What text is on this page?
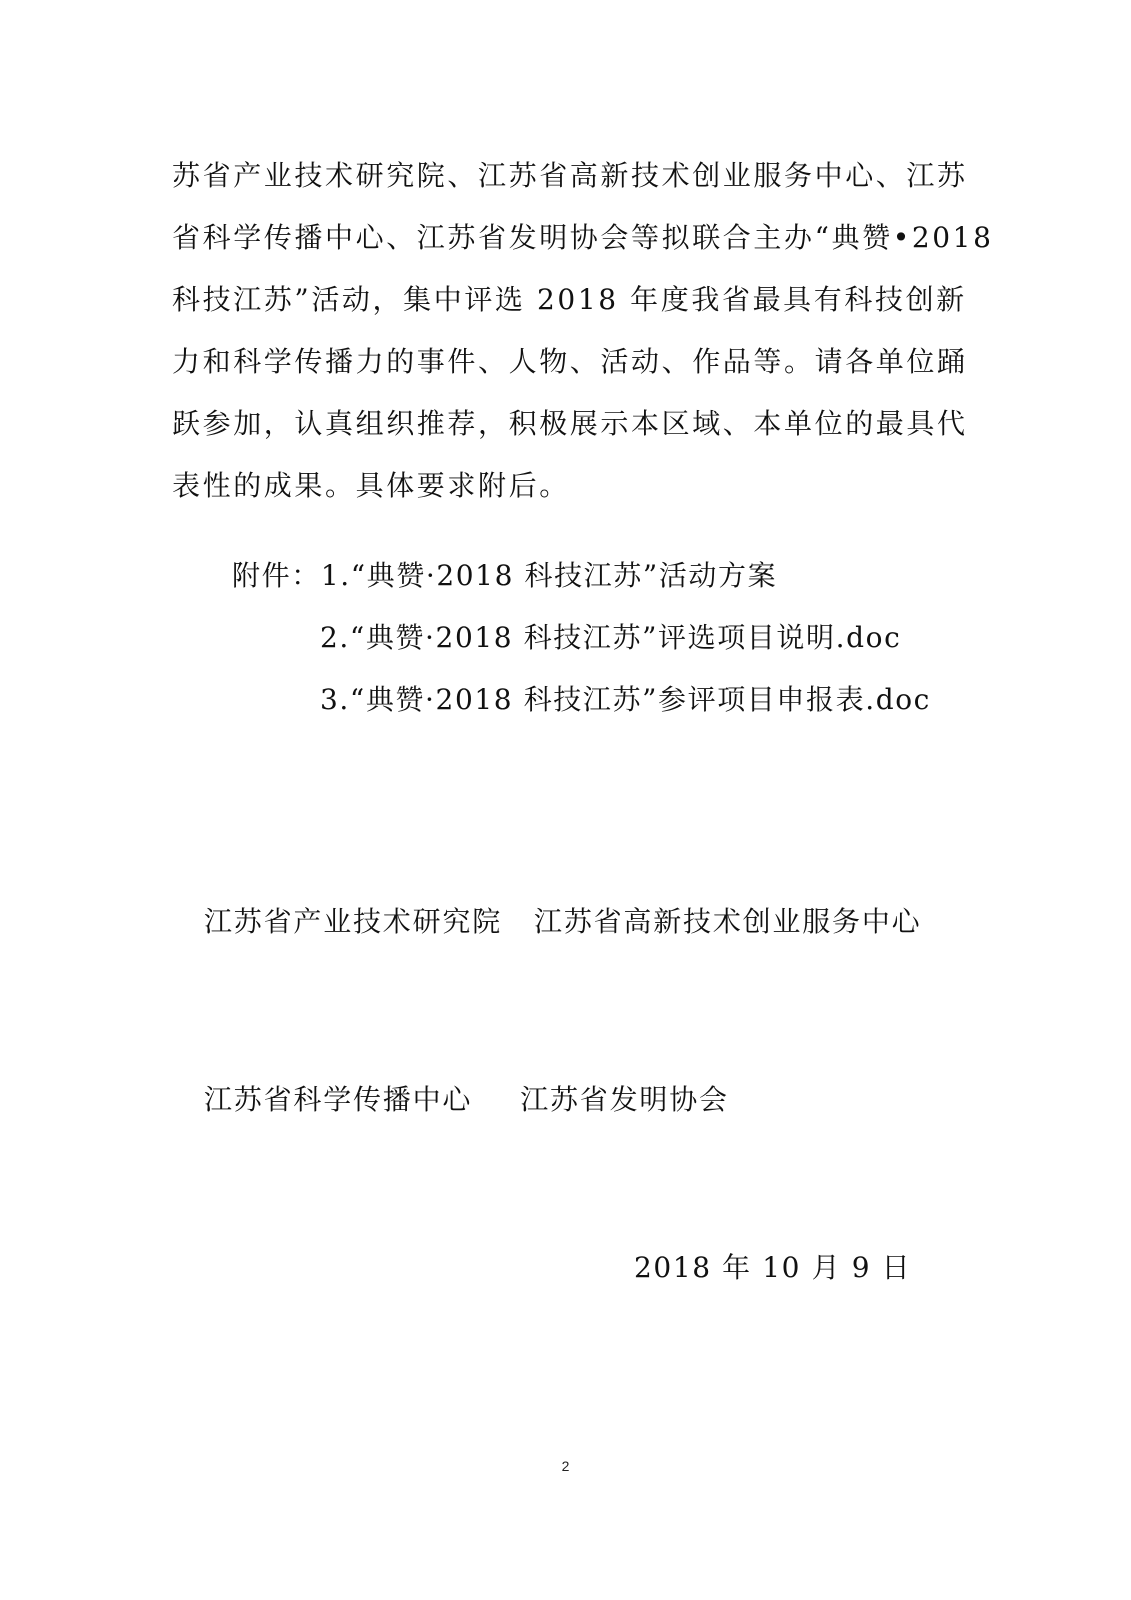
苏省产业技术研究院、江苏省高新技术创业服务中心、江苏
省科学传播中心、江苏省发明协会等拟联合主办“典赞•2018
科技江苏”活动，集中评选 2018 年度我省最具有科技创新
力和科学传播力的事件、人物、活动、作品等。请各单位踊
跃参加，认真组织推荐，积极展示本区域、本单位的最具代
表性的成果。具体要求附后。
附件：1.“典赞·2018 科技江苏”活动方案
2.“典赞·2018 科技江苏”评选项目说明.doc
3.“典赞·2018 科技江苏”参评项目申报表.doc
江苏省产业技术研究院 江苏省高新技术创业服务中心
江苏省科学传播中心 江苏省发明协会
2018 年 10 月 9 日
2
